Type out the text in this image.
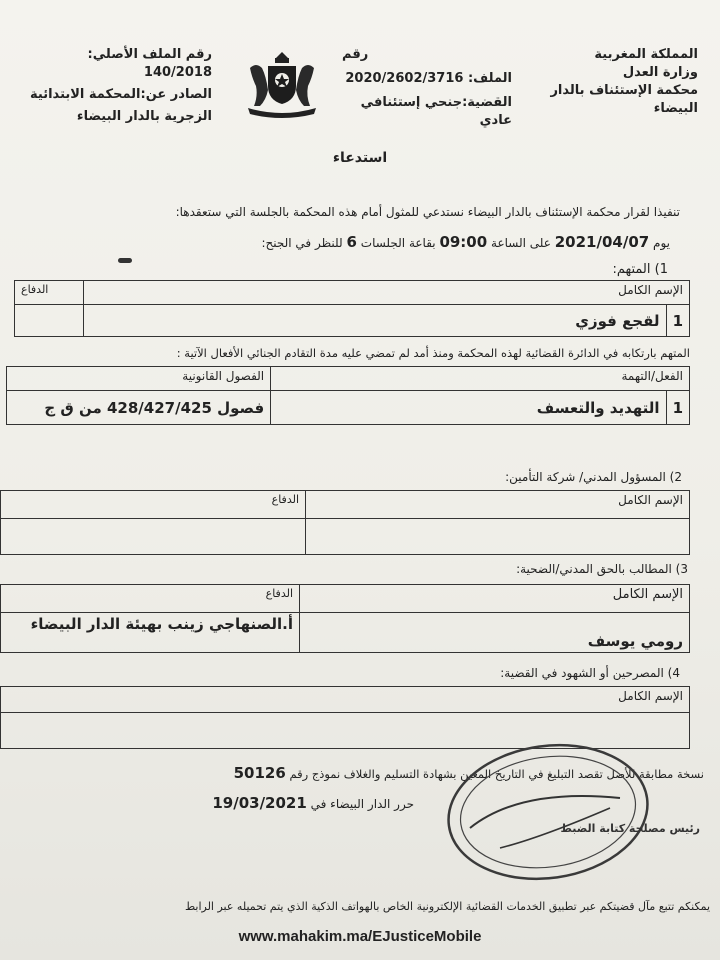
المملكة المغربية
وزارة العدل
محكمة الإستئناف بالدار
البيضاء
رقم
الملف: 2020/2602/3716
القضية:جنحي إستئنافي عادي
رقم الملف الأصلي: 140/2018
الصادر عن:المحكمة الابتدائية
الزجرية بالدار البيضاء
استدعاء
تنفيذا لقرار محكمة الإستئناف بالدار البيضاء نستدعي للمثول أمام هذه المحكمة بالجلسة التي ستعقدها:
يوم 2021/04/07 على الساعة 09:00 بقاعة الجلسات 6 للنظر في الجنح:
1) المتهم:
الإسم الكامل		الدفاع
1	لقجع فوزي	
المتهم بارتكابه في الدائرة القضائية لهذه المحكمة ومنذ أمد لم تمضي عليه مدة التقادم الجنائي الأفعال الآتية :
الفعل/التهمة		الفصول القانونية
1	التهديد والتعسف	فصول 428/427/425 من ق ج
2) المسؤول المدني/ شركة التأمين:
الإسم الكامل	الدفاع

3) المطالب بالحق المدني/الضحية:
الإسم الكامل	الدفاع
رومي يوسف	أ.الصنهاجي زينب بهيئة الدار البيضاء
4) المصرحين أو الشهود في القضية:
الإسم الكامل

نسخة مطابقة للأصل تقصد التبليغ في التاريخ المعين بشهادة التسليم والغلاف نموذج رقم 50126
حرر الدار البيضاء في 19/03/2021
رئيس مصلحة كتابة الضبط
يمكنكم تتبع مآل قضيتكم عبر تطبيق الخدمات القضائية الإلكترونية الخاص بالهواتف الذكية الذي يتم تحميله عبر الرابط
www.mahakim.ma/EJusticeMobile
